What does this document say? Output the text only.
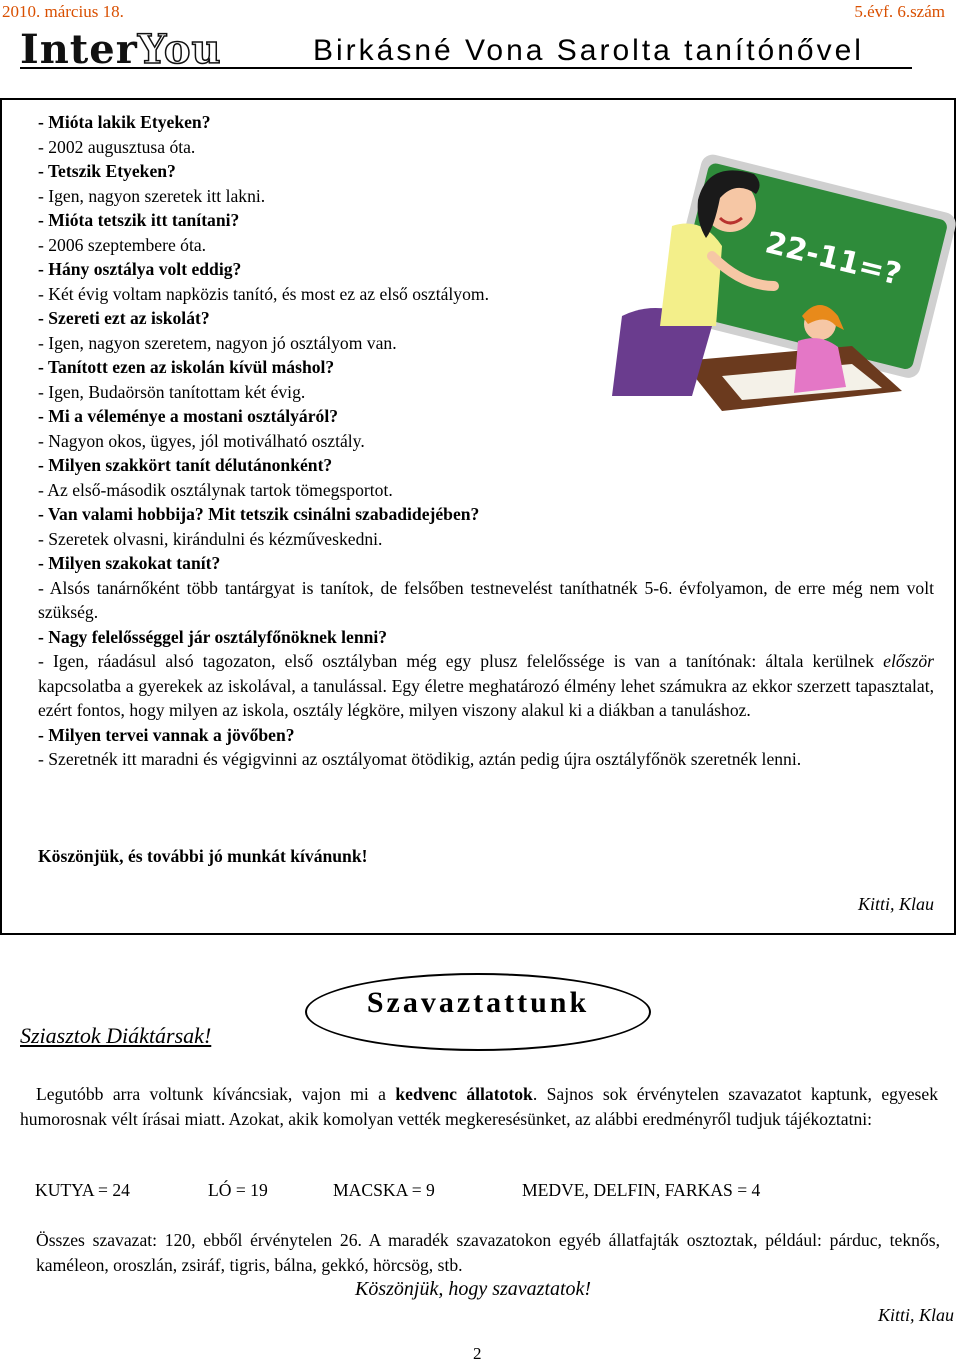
2010. március 18.	5.évf. 6.szám
InterYou	Birkásné Vona Sarolta tanítónővel

- Mióta lakik Etyeken?

- 2002 augusztusa óta.

- Tetszik Etyeken?

- Igen, nagyon szeretek itt lakni.

- Mióta tetszik itt tanítani?

- 2006 szeptembere óta.

- Hány osztálya volt eddig?

- Két évig voltam napközis tanító, és most ez az első osztályom.

- Szereti ezt az iskolát?

- Igen, nagyon szeretem, nagyon jó osztályom van.

- Tanított ezen az iskolán kívül máshol?

- Igen, Budaörsön tanítottam két évig.

- Mi a véleménye a mostani osztályáról?

- Nagyon okos, ügyes, jól motiválható osztály.

- Milyen szakkört tanít délutánonként?

- Az első-második osztálynak tartok tömegsportot.

- Van valami hobbija? Mit tetszik csinálni szabadidejében?

- Szeretek olvasni, kirándulni és kézműveskedni.

- Milyen szakokat tanít?

- Alsós tanárnőként több tantárgyat is tanítok, de felsőben testnevelést taníthatnék 5-6. évfolyamon, de erre még nem volt szükség.

- Nagy felelősséggel jár osztályfőnöknek lenni?

- Igen, ráadásul alsó tagozaton, első osztályban még egy plusz felelőssége is van a tanítónak: általa kerülnek először kapcsolatba a gyerekek az iskolával, a tanulással. Egy életre meghatározó élmény lehet számukra az ekkor szerzett tapasztalat, ezért fontos, hogy milyen az iskola, osztály légköre, milyen viszony alakul ki a diákban a tanuláshoz.

- Milyen tervei vannak a jövőben?

- Szeretnék itt maradni és végigvinni az osztályomat ötödikig, aztán pedig újra osztályfőnök szeretnék lenni.

22-11=?
Köszönjük, és további jó munkát kívánunk!
Kitti, Klau
Sziasztok Diáktársak!
Szavaztattunk
Legutóbb arra voltunk kíváncsiak, vajon mi a kedvenc állatotok. Sajnos sok érvénytelen szavazatot kaptunk, egyesek humorosnak vélt írásai miatt. Azokat, akik komolyan vették megkeresésünket, az alábbi eredményről tudjuk tájékoztatni:
KUTYA = 24	LÓ = 19	MACSKA = 9	MEDVE, DELFIN, FARKAS = 4
Összes szavazat: 120, ebből érvénytelen 26. A maradék szavazatokon egyéb állatfajták osztoztak, például: párduc, teknős, kaméleon, oroszlán, zsiráf, tigris, bálna, gekkó, hörcsög, stb.
Köszönjük, hogy szavaztatok!
Kitti, Klau
2
